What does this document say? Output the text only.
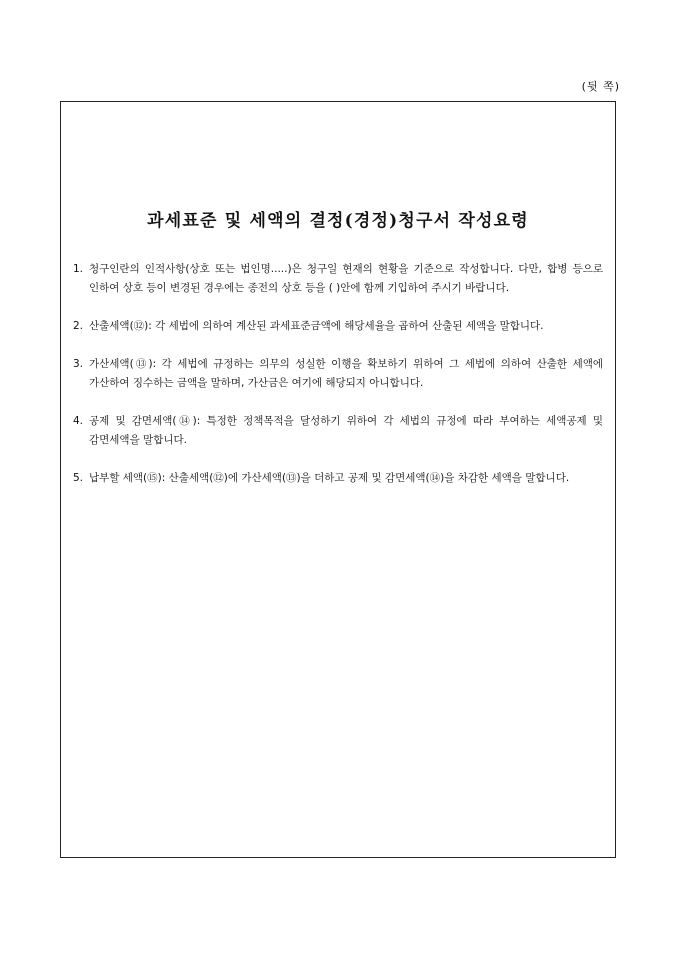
(뒷 쪽)
과세표준 및 세액의 결정(경정)청구서 작성요령
1. 청구인란의 인적사항(상호 또는 법인명.....)은 청구일 현재의 현황을 기준으로 작성합니다. 다만, 합병 등으로 인하여 상호 등이 변경된 경우에는 종전의 상호 등을 ( )안에 함께 기입하여 주시기 바랍니다.
2. 산출세액(⑫): 각 세법에 의하여 계산된 과세표준금액에 해당세율을 곱하여 산출된 세액을 말합니다.
3. 가산세액(⑬): 각 세법에 규정하는 의무의 성실한 이행을 확보하기 위하여 그 세법에 의하여 산출한 세액에 가산하여 징수하는 금액을 말하며, 가산금은 여기에 해당되지 아니합니다.
4. 공제 및 감면세액(⑭): 특정한 정책목적을 달성하기 위하여 각 세법의 규정에 따라 부여하는 세액공제 및 감면세액을 말합니다.
5. 납부할 세액(⑮): 산출세액(⑫)에 가산세액(⑬)을 더하고 공제 및 감면세액(⑭)을 차감한 세액을 말합니다.
